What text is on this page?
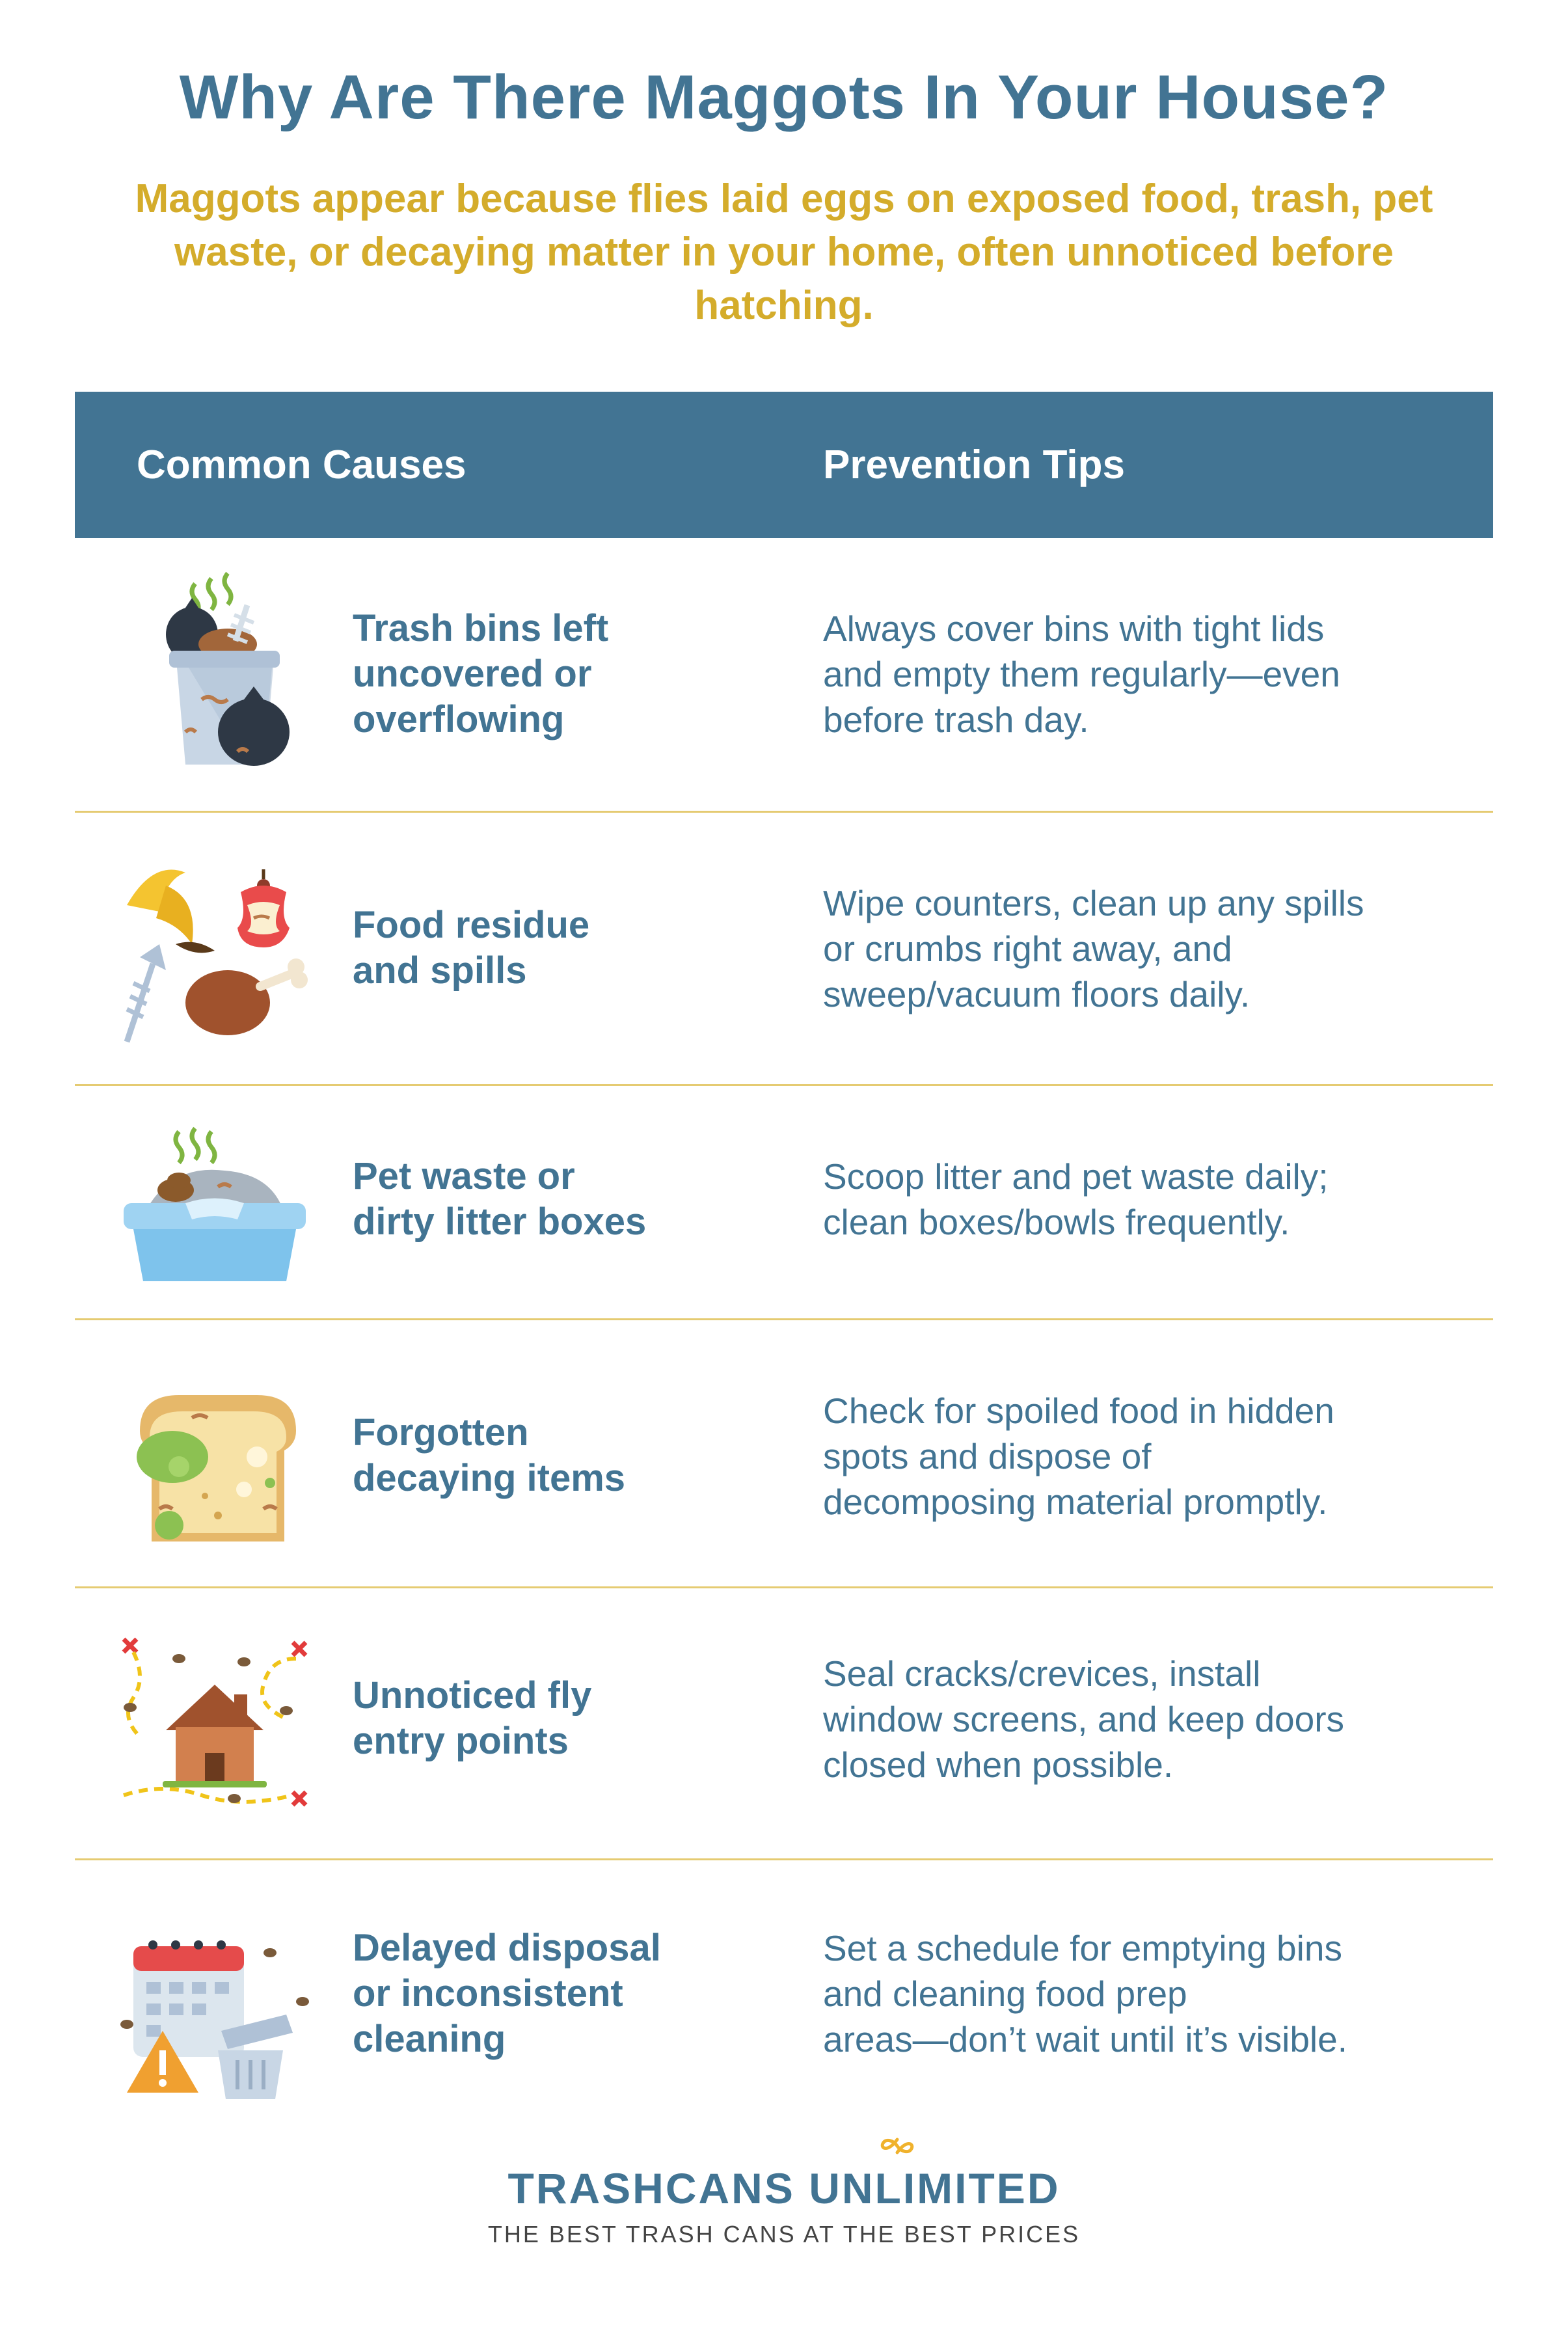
Why Are There Maggots In Your House?
Maggots appear because flies laid eggs on exposed food, trash, pet waste, or decaying matter in your home, often unnoticed before hatching.
Common Causes	Prevention Tips
Trash bins left
uncovered or
overflowing
Always cover bins with tight lids
and empty them regularly—even
before trash day.
Food residue
and spills
Wipe counters, clean up any spills
or crumbs right away, and
sweep/vacuum floors daily.
Pet waste or
dirty litter boxes
Scoop litter and pet waste daily;
clean boxes/bowls frequently.
Forgotten
decaying items
Check for spoiled food in hidden
spots and dispose of
decomposing material promptly.
Unnoticed fly
entry points
Seal cracks/crevices, install
window screens, and keep doors
closed when possible.
Delayed disposal
or inconsistent
cleaning
Set a schedule for emptying bins
and cleaning food prep
areas—don’t wait until it’s visible.
TRASHCANS UNLIMITED
THE BEST TRASH CANS AT THE BEST PRICES
